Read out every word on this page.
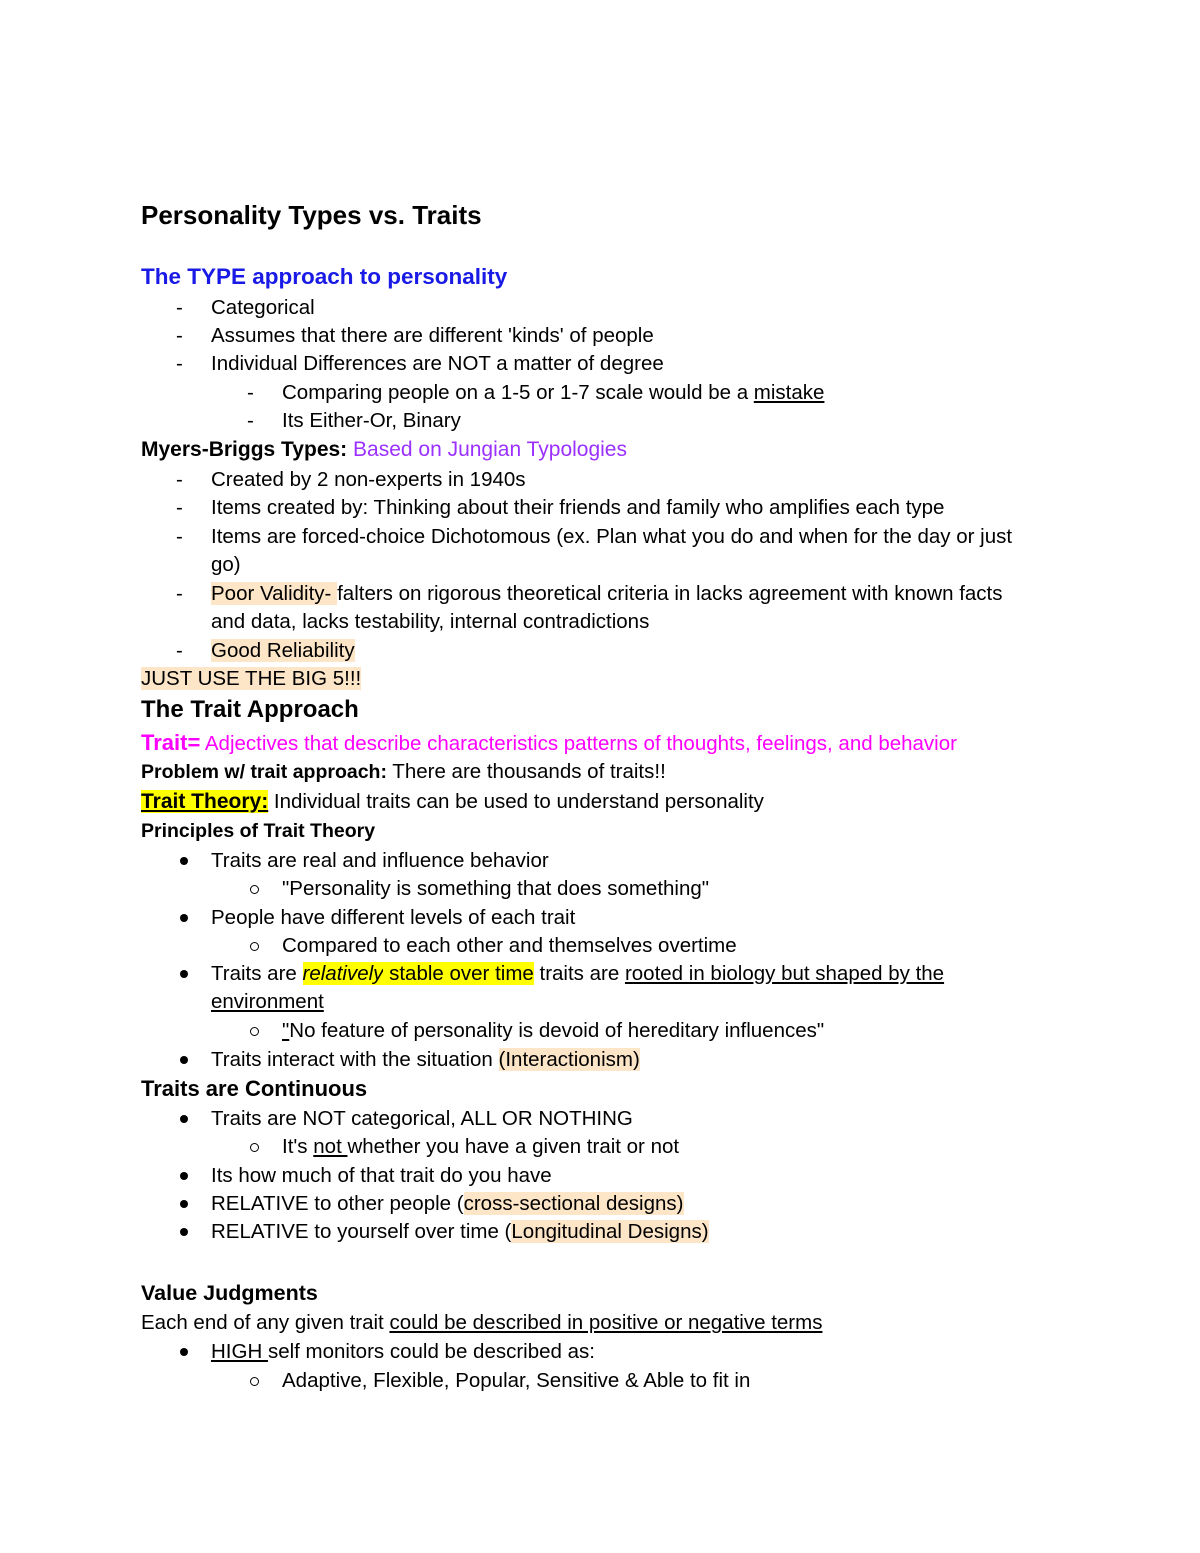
Personality Types vs. Traits
The TYPE approach to personality
- Categorical
- Assumes that there are different 'kinds' of people
- Individual Differences are NOT a matter of degree
- Comparing people on a 1-5 or 1-7 scale would be a mistake
- Its Either-Or, Binary
Myers-Briggs Types: Based on Jungian Typologies
- Created by 2 non-experts in 1940s
- Items created by: Thinking about their friends and family who amplifies each type
- Items are forced-choice Dichotomous (ex. Plan what you do and when for the day or just
go)
- Poor Validity- falters on rigorous theoretical criteria in lacks agreement with known facts
and data, lacks testability, internal contradictions
- Good Reliability
JUST USE THE BIG 5!!!
The Trait Approach
Trait= Adjectives that describe characteristics patterns of thoughts, feelings, and behavior
Problem w/ trait approach: There are thousands of traits!!
Trait Theory: Individual traits can be used to understand personality
Principles of Trait Theory
Traits are real and influence behavior
"Personality is something that does something"
People have different levels of each trait
Compared to each other and themselves overtime
Traits are relatively stable over time traits are rooted in biology but shaped by the
environment
"No feature of personality is devoid of hereditary influences"
Traits interact with the situation (Interactionism)
Traits are Continuous
Traits are NOT categorical, ALL OR NOTHING
It's not whether you have a given trait or not
Its how much of that trait do you have
RELATIVE to other people (cross-sectional designs)
RELATIVE to yourself over time (Longitudinal Designs)
Value Judgments
Each end of any given trait could be described in positive or negative terms
HIGH self monitors could be described as:
Adaptive, Flexible, Popular, Sensitive & Able to fit in
